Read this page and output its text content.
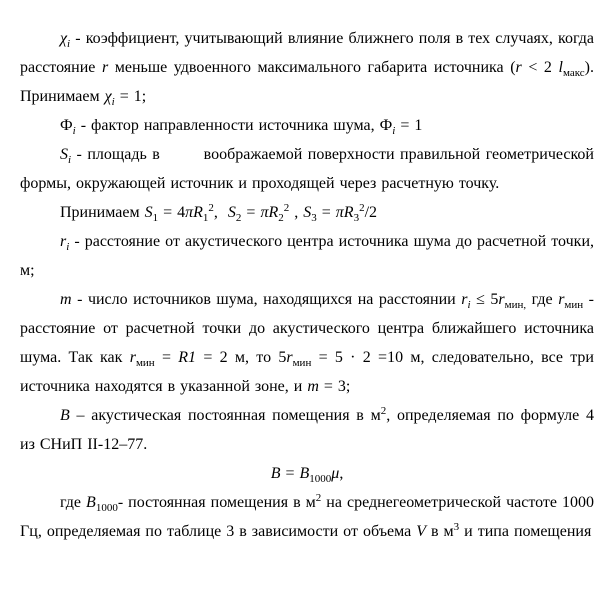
$\chi_i$ - коэффициент, учитывающий влияние ближнего поля в тех случаях, когда расстояние r меньше удвоенного максимального габарита источника (r < 2 $l_{макс}$). Принимаем $\chi_i = 1$;

$Ф_i$ - фактор направленности источника шума, $Ф_i = 1$

$S_i$ - площадь в        воображаемой поверхности правильной геометрической формы, окружающей источник и проходящей через расчетную точку.

Принимаем $S_1 = 4\pi R_1^2$,  $S_2 = \pi R_2^2$ , $S_3 = \pi R_3^2/2$

$r_i$ - расстояние от акустического центра источника шума до расчетной точки, м;

m - число источников шума, находящихся на расстоянии $r_i \le 5r_{мин,}$ где $r_{мин}$ - расстояние от расчетной точки до акустического центра ближайшего источника шума. Так как $r_{мин} = R1 = 2$ м, то $5r_{мин} = 5 \cdot 2 =10$ м, следовательно, все три источника находятся в указанной зоне, и m = 3;

В – акустическая постоянная помещения в $м^2$, определяемая по формуле 4 из СНиП II-12–77.

$B = B_{1000}\mu$,

где $B_{1000}-$ постоянная помещения в $м^2$ на среднегеометрической частоте 1000 Гц, определяемая по таблице 3 в зависимости от объема V в $м^3$ и типа помещения
